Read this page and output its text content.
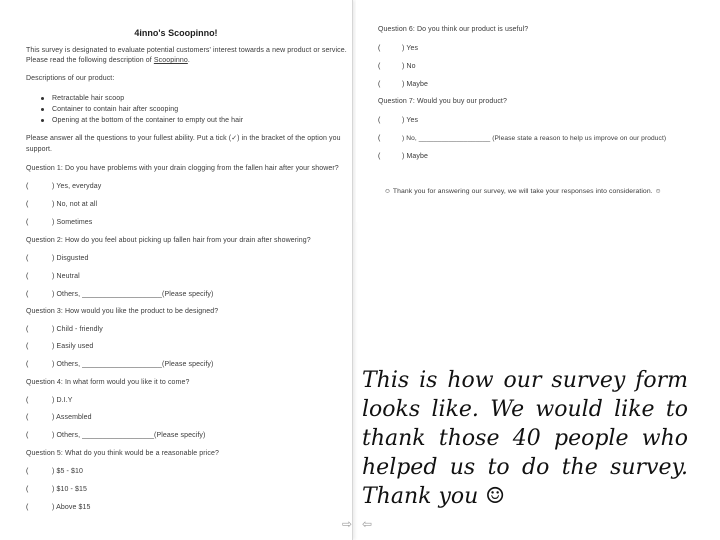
4inno's Scoopinno!
This survey is designated to evaluate potential customers' interest towards a new product or service.
Please read the following description of Scoopinno.
Descriptions of our product:
Retractable hair scoop
Container to contain hair after scooping
Opening at the bottom of the container to empty out the hair
Please answer all the questions to your fullest ability. Put a tick (✓) in the bracket of the option you
support.
Question 1: Do you have problems with your drain clogging from the fallen hair after your shower?
(	) Yes, everyday
(	) No, not at all
(	) Sometimes
Question 2: How do you feel about picking up fallen hair from your drain after showering?
(	) Disgusted
(	) Neutral
(	) Others, ____________________(Please specify)
Question 3: How would you like the product to be designed?
(	) Child - friendly
(	) Easily used
(	) Others, ____________________(Please specify)
Question 4: In what form would you like it to come?
(	) D.I.Y
(	) Assembled
(	) Others, __________________(Please specify)
Question 5: What do you think would be a reasonable price?
(	) $5 - $10
(	) $10 - $15
(	) Above $15
Question 6: Do you think our product is useful?
(	) Yes
(	) No
(	) Maybe
Question 7: Would you buy our product?
(	) Yes
(	) No, ___________________ (Please state a reason to help us improve on our product)
(	) Maybe
☺ Thank you for answering our survey, we will take your responses into consideration. ☺
This is how our survey form looks like. We would like to thank those 40 people who helped us to do the survey. Thank you ☺
⇨ ⇦
